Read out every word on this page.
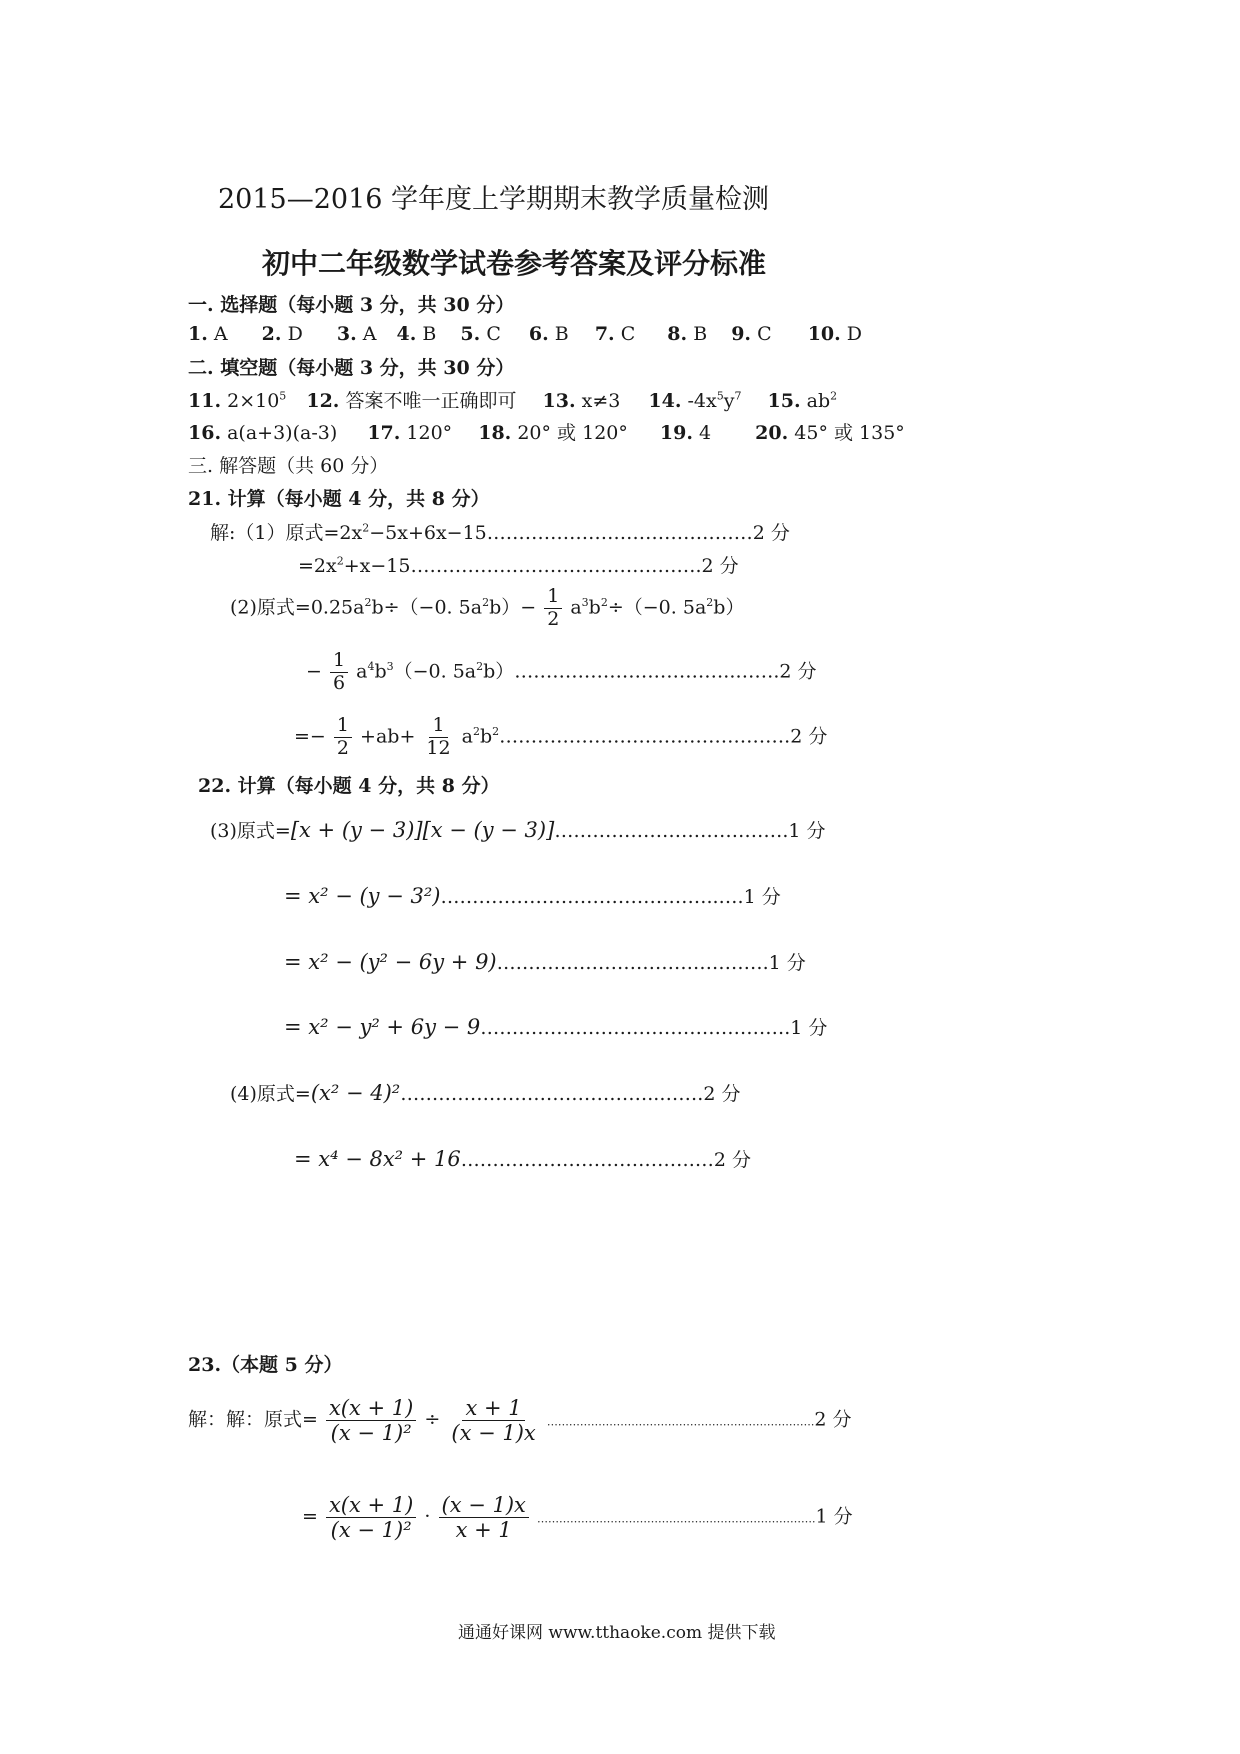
2015—2016 学年度上学期期末教学质量检测
初中二年级数学试卷参考答案及评分标准
一. 选择题（每小题 3 分，共 30 分）
1. A 2. D 3. A 4. B 5. C 6. B 7. C 8. B 9. C 10. D
二. 填空题（每小题 3 分，共 30 分）
11. $2\times 10^5$ 12. 答案不唯一正确即可 13. x≠3 14. $-4x^5y^7$ 15. $ab^2$
16. a(a+3)(a-3) 17. 120° 18. 20° 或 120° 19. 4 20. 45° 或 135°
三. 解答题（共 60 分）
21. 计算（每小题 4 分，共 8 分）
解:（1）原式$=2x^2-5x+6x-15\dots\dots\dots\dots\dots\dots\dots\dots\dots\dots\dots\dots\dots\dots 2$ 分
$=2x^2+x-15\dots\dots\dots\dots\dots\dots\dots\dots\dots\dots\dots\dots\dots\dots\dots.2$ 分
(2)原式$=0.25a^2b\div(-0$. $5a^2b)- \frac{1}{2} a^3b^2\div(-0$. $5a^2b$）
− $\frac{1}{6} a^4b^3(-0$. $5a^2b)\dots\dots\dots\dots\dots\dots\dots\dots\dots\dots\dots..\dots\dots.2$ 分
=− $\frac{1}{2} +ab+ \frac{1}{12}$ $a^2b^2\dots\dots\dots\dots\dots\dots\dots\dots\dots\dots\dots\dots\dots\dots\dots.2$ 分
22. 计算（每小题 4 分，共 8 分）
(3)原式=[x + (y − 3)][x − (y − 3)]……………………………….1 分
= x² − (y − 3²)……………………………………..….1 分
= x² − (y² − 6y + 9)…………………………………….1 分
= x² − y² + 6y − 9………………………………………….1 分
(4)原式=(x² − 4)²…………………………………..…….2 分
= x⁴ − 8x² + 16……………………………….…2 分
23.（本题 5 分）
解：解：原式= $\frac{x(x + 1)}{\text{(x − 1)²}} \div \frac{x + 1}{(x - 1)x}$ ……………………………………………………………….2 分
= $\frac{x(x + 1)}{\text{(x − 1)²}} \cdot \frac{(x - 1)x}{x + 1}$ ………………………………………………………………….1 分
通通好课网 www.tthaoke.com 提供下载
